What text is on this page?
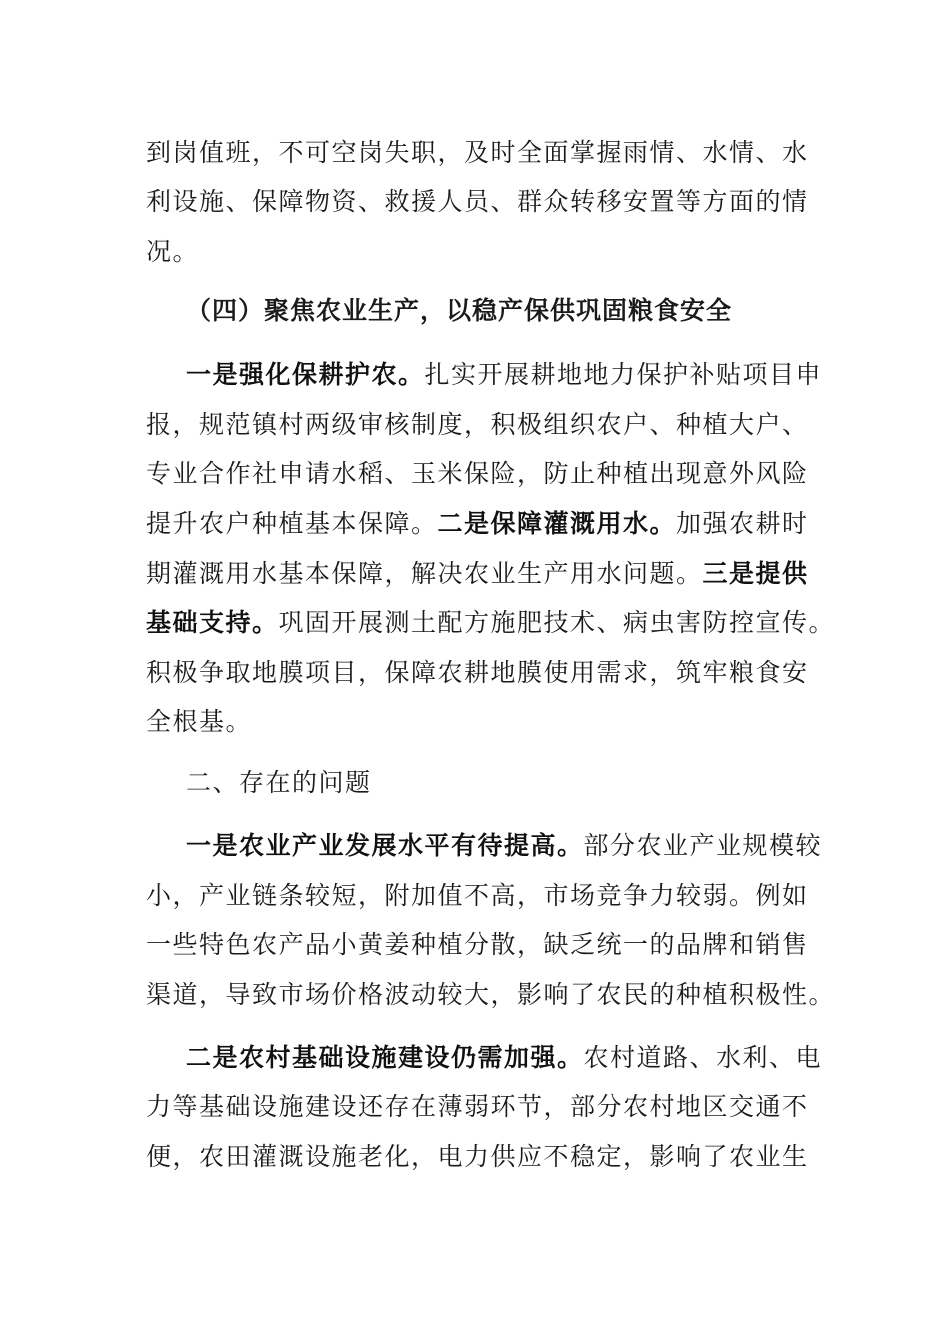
到岗值班，不可空岗失职，及时全面掌握雨情、水情、水
利设施、保障物资、救援人员、群众转移安置等方面的情
况。
（四）聚焦农业生产，以稳产保供巩固粮食安全
一是强化保耕护农。扎实开展耕地地力保护补贴项目申
报，规范镇村两级审核制度，积极组织农户、种植大户、
专业合作社申请水稻、玉米保险，防止种植出现意外风险
提升农户种植基本保障。二是保障灌溉用水。加强农耕时
期灌溉用水基本保障，解决农业生产用水问题。三是提供
基础支持。巩固开展测土配方施肥技术、病虫害防控宣传。
积极争取地膜项目，保障农耕地膜使用需求，筑牢粮食安
全根基。
二、存在的问题
一是农业产业发展水平有待提高。部分农业产业规模较
小，产业链条较短，附加值不高，市场竞争力较弱。例如
一些特色农产品小黄姜种植分散，缺乏统一的品牌和销售
渠道，导致市场价格波动较大，影响了农民的种植积极性。
二是农村基础设施建设仍需加强。农村道路、水利、电
力等基础设施建设还存在薄弱环节，部分农村地区交通不
便，农田灌溉设施老化，电力供应不稳定，影响了农业生
